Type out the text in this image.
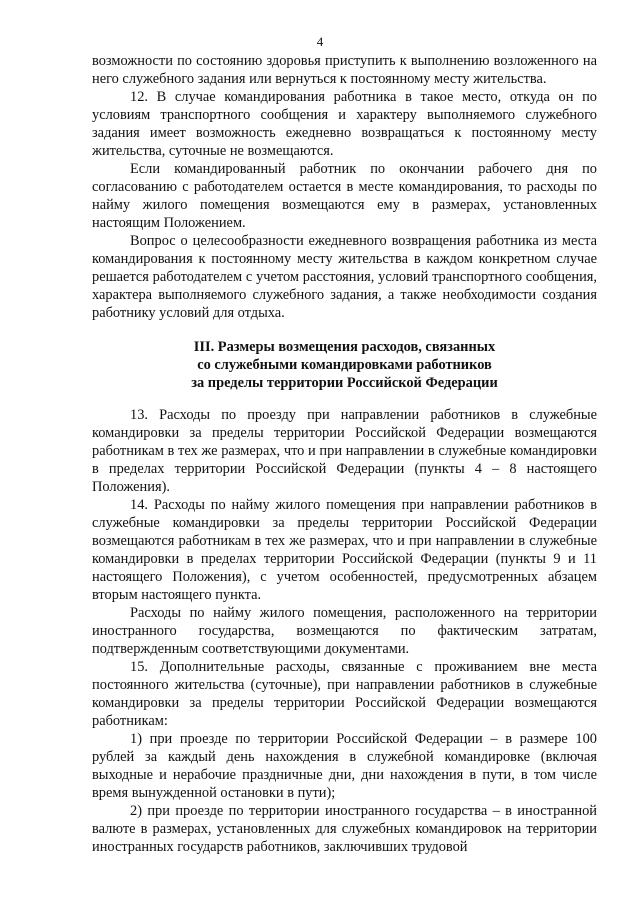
4

возможности по состоянию здоровья приступить к выполнению возложенного на него служебного задания или вернуться к постоянному месту жительства.

12. В случае командирования работника в такое место, откуда он по условиям транспортного сообщения и характеру выполняемого служебного задания имеет возможность ежедневно возвращаться к постоянному месту жительства, суточные не возмещаются.

Если командированный работник по окончании рабочего дня по согласованию с работодателем остается в месте командирования, то расходы по найму жилого помещения возмещаются ему в размерах, установленных настоящим Положением.

Вопрос о целесообразности ежедневного возвращения работника из места командирования к постоянному месту жительства в каждом конкретном случае решается работодателем с учетом расстояния, условий транспортного сообщения, характера выполняемого служебного задания, а также необходимости создания работнику условий для отдыха.

III. Размеры возмещения расходов, связанных
со служебными командировками работников
за пределы территории Российской Федерации

13. Расходы по проезду при направлении работников в служебные командировки за пределы территории Российской Федерации возмещаются работникам в тех же размерах, что и при направлении в служебные командировки в пределах территории Российской Федерации (пункты 4 – 8 настоящего Положения).

14. Расходы по найму жилого помещения при направлении работников в служебные командировки за пределы территории Российской Федерации возмещаются работникам в тех же размерах, что и при направлении в служебные командировки в пределах территории Российской Федерации (пункты 9 и 11 настоящего Положения), с учетом особенностей, предусмотренных абзацем вторым настоящего пункта.

Расходы по найму жилого помещения, расположенного на территории иностранного государства, возмещаются по фактическим затратам, подтвержденным соответствующими документами.

15. Дополнительные расходы, связанные с проживанием вне места постоянного жительства (суточные), при направлении работников в служебные командировки за пределы территории Российской Федерации возмещаются работникам:

1) при проезде по территории Российской Федерации – в размере 100 рублей за каждый день нахождения в служебной командировке (включая выходные и нерабочие праздничные дни, дни нахождения в пути, в том числе время вынужденной остановки в пути);

2) при проезде по территории иностранного государства – в иностранной валюте в размерах, установленных для служебных командировок на территории иностранных государств работников, заключивших трудовой
